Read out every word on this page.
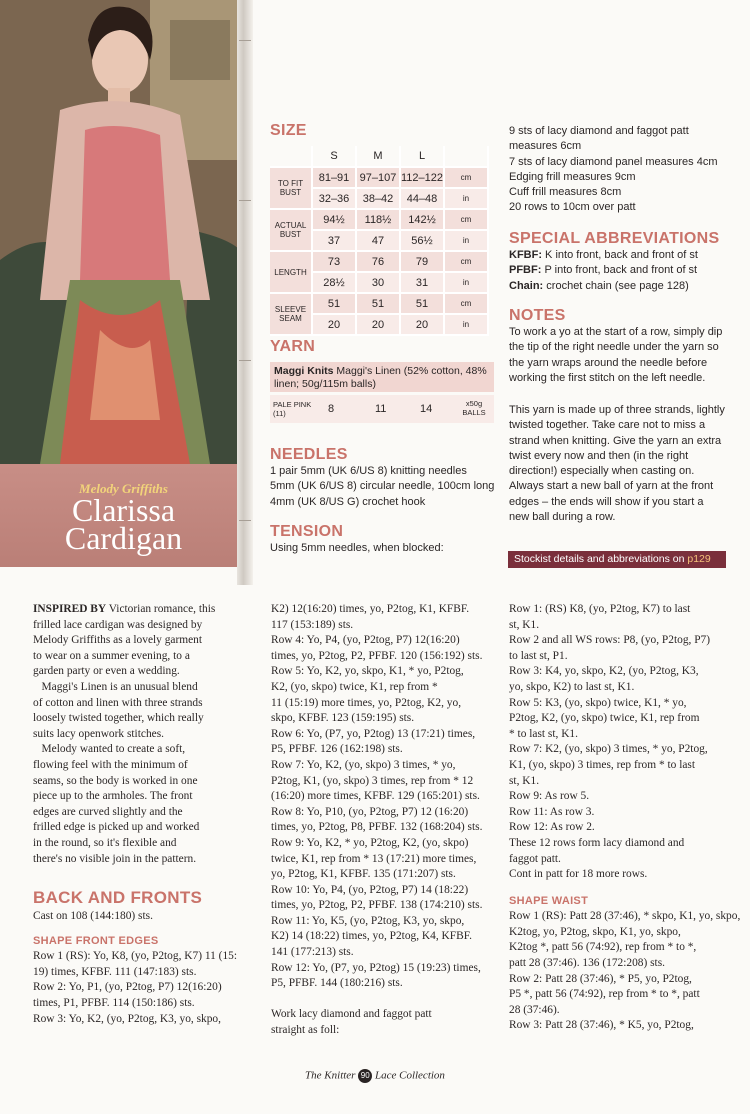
Melody Griffiths
Clarissa
Cardigan
SIZE
	S	M	L	
TO FIT BUST	81–91	97–107	112–122	cm
	32–36	38–42	44–48	in
ACTUAL BUST	94½	118½	142½	cm
	37	47	56½	in
LENGTH	73	76	79	cm
	28½	30	31	in
SLEEVE SEAM	51	51	51	cm
	20	20	20	in
YARN
Maggi Knits Maggi's Linen (52% cotton, 48% linen; 50g/115m balls)
PALE PINK (11)	8	11	14	x50g BALLS
NEEDLES
1 pair 5mm (UK 6/US 8) knitting needles
5mm (UK 6/US 8) circular needle, 100cm long
4mm (UK 8/US G) crochet hook
TENSION
Using 5mm needles, when blocked:
9 sts of lacy diamond and faggot patt
measures 6cm
7 sts of lacy diamond panel measures 4cm
Edging frill measures 9cm
Cuff frill measures 8cm
20 rows to 10cm over patt
SPECIAL ABBREVIATIONS
KFBF: K into front, back and front of st
PFBF: P into front, back and front of st
Chain: crochet chain (see page 128)
NOTES
To work a yo at the start of a row, simply dip
the tip of the right needle under the yarn so
the yarn wraps around the needle before
working the first stitch on the left needle.
This yarn is made up of three strands, lightly
twisted together. Take care not to miss a
strand when knitting. Give the yarn an extra
twist every now and then (in the right
direction!) especially when casting on.
Always start a new ball of yarn at the front
edges – the ends will show if you start a
new ball during a row.
Stockist details and abbreviations on p129

INSPIRED BY Victorian romance, this

frilled lace cardigan was designed by

Melody Griffiths as a lovely garment

to wear on a summer evening, to a

garden party or even a wedding.

Maggi's Linen is an unusual blend

of cotton and linen with three strands

loosely twisted together, which really

suits lacy openwork stitches.

Melody wanted to create a soft,

flowing feel with the minimum of

seams, so the body is worked in one

piece up to the armholes. The front

edges are curved slightly and the

frilled edge is picked up and worked

in the round, so it's flexible and

there's no visible join in the pattern.

BACK AND FRONTS

Cast on 108 (144:180) sts.

SHAPE FRONT EDGES

Row 1 (RS): Yo, K8, (yo, P2tog, K7) 11 (15:

19) times, KFBF. 111 (147:183) sts.

Row 2: Yo, P1, (yo, P2tog, P7) 12(16:20)

times, P1, PFBF. 114 (150:186) sts.

Row 3: Yo, K2, (yo, P2tog, K3, yo, skpo,

K2) 12(16:20) times, yo, P2tog, K1, KFBF.

117 (153:189) sts.

Row 4: Yo, P4, (yo, P2tog, P7) 12(16:20)

times, yo, P2tog, P2, PFBF. 120 (156:192) sts.

Row 5: Yo, K2, yo, skpo, K1, * yo, P2tog,

K2, (yo, skpo) twice, K1, rep from *

11 (15:19) more times, yo, P2tog, K2, yo,

skpo, KFBF. 123 (159:195) sts.

Row 6: Yo, (P7, yo, P2tog) 13 (17:21) times,

P5, PFBF. 126 (162:198) sts.

Row 7: Yo, K2, (yo, skpo) 3 times, * yo,

P2tog, K1, (yo, skpo) 3 times, rep from * 12

(16:20) more times, KFBF. 129 (165:201) sts.

Row 8: Yo, P10, (yo, P2tog, P7) 12 (16:20)

times, yo, P2tog, P8, PFBF. 132 (168:204) sts.

Row 9: Yo, K2, * yo, P2tog, K2, (yo, skpo)

twice, K1, rep from * 13 (17:21) more times,

yo, P2tog, K1, KFBF. 135 (171:207) sts.

Row 10: Yo, P4, (yo, P2tog, P7) 14 (18:22)

times, yo, P2tog, P2, PFBF. 138 (174:210) sts.

Row 11: Yo, K5, (yo, P2tog, K3, yo, skpo,

K2) 14 (18:22) times, yo, P2tog, K4, KFBF.

141 (177:213) sts.

Row 12: Yo, (P7, yo, P2tog) 15 (19:23) times,

P5, PFBF. 144 (180:216) sts.

Work lacy diamond and faggot patt

straight as foll:

Row 1: (RS) K8, (yo, P2tog, K7) to last

st, K1.

Row 2 and all WS rows: P8, (yo, P2tog, P7)

to last st, P1.

Row 3: K4, yo, skpo, K2, (yo, P2tog, K3,

yo, skpo, K2) to last st, K1.

Row 5: K3, (yo, skpo) twice, K1, * yo,

P2tog, K2, (yo, skpo) twice, K1, rep from

* to last st, K1.

Row 7: K2, (yo, skpo) 3 times, * yo, P2tog,

K1, (yo, skpo) 3 times, rep from * to last

st, K1.

Row 9: As row 5.

Row 11: As row 3.

Row 12: As row 2.

These 12 rows form lacy diamond and

faggot patt.

Cont in patt for 18 more rows.

SHAPE WAIST

Row 1 (RS): Patt 28 (37:46), * skpo, K1, yo, skpo,

K2tog, yo, P2tog, skpo, K1, yo, skpo,

K2tog *, patt 56 (74:92), rep from * to *,

patt 28 (37:46). 136 (172:208) sts.

Row 2: Patt 28 (37:46), * P5, yo, P2tog,

P5 *, patt 56 (74:92), rep from * to *, patt

28 (37:46).

Row 3: Patt 28 (37:46), * K5, yo, P2tog,

The Knitter 90 Lace Collection
